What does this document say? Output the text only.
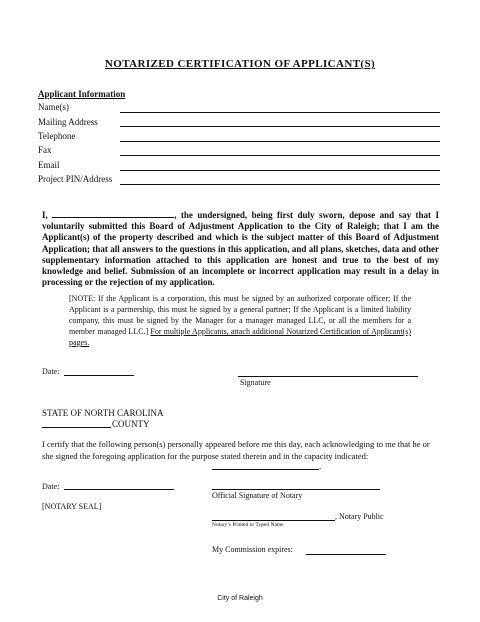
NOTARIZED CERTIFICATION OF APPLICANT(S)
Applicant Information
Name(s)
Mailing Address
Telephone
Fax
Email
Project PIN/Address
I,	, the undersigned, being first duly sworn, depose and say that I voluntarily submitted this Board of Adjustment Application to the City of Raleigh; that I am the Applicant(s) of the property described and which is the subject matter of this Board of Adjustment Application; that all answers to the questions in this application, and all plans, sketches, data and other supplementary information attached to this application are honest and true to the best of my knowledge and belief. Submission of an incomplete or incorrect application may result in a delay in processing or the rejection of my application.
[NOTE: If the Applicant is a corporation, this must be signed by an authorized corporate officer; If the Applicant is a partnership, this must be signed by a general partner; If the Applicant is a limited liability company, this must be signed by the Manager for a manager managed LLC, or all the members for a member managed LLC.] For multiple Applicants, attach additional Notarized Certification of Applicant(s) pages.
Date:
Signature
STATE OF NORTH CAROLINA
COUNTY
I certify that the following person(s) personally appeared before me this day, each acknowledging to me that he or she signed the foregoing application for the purpose stated therein and in the capacity indicated:
.
Date:
Official Signature of Notary
[NOTARY SEAL]
, Notary Public
Notary’s Printed or Typed Name
My Commission expires:
City of Raleigh
